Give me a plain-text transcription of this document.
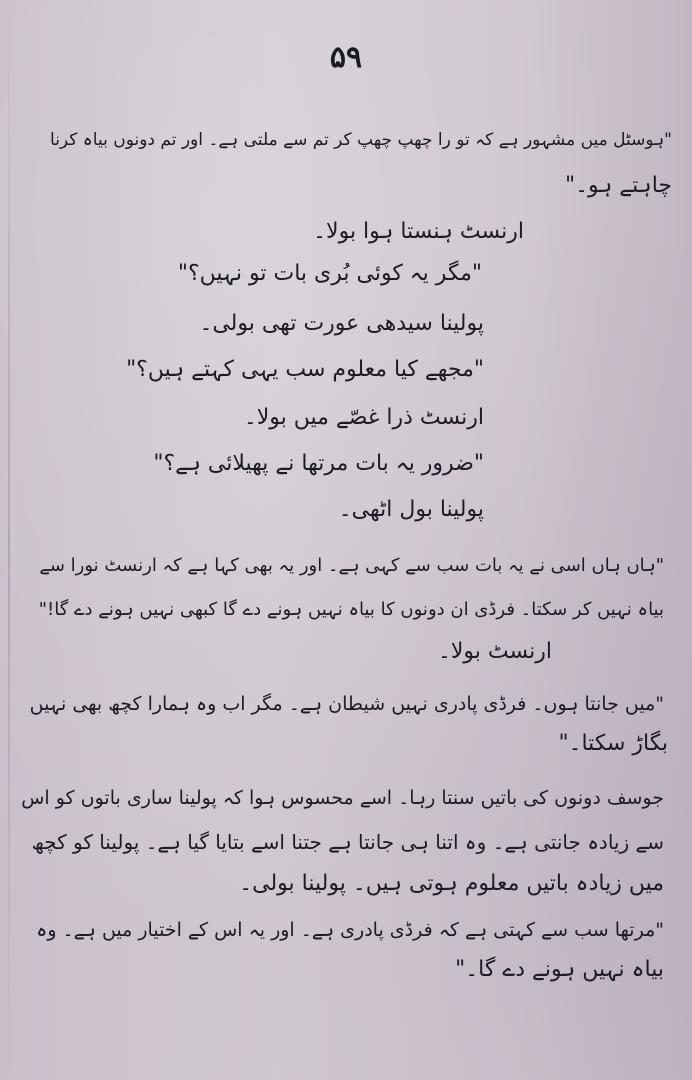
۵۹
"ہوسٹل میں مشہور ہے کہ تو را چھپ چھپ کر تم سے ملتی ہے۔ اور تم دونوں بیاہ کرنا
چاہتے ہو۔"
ارنسٹ ہنستا ہوا بولا۔
"مگر یہ کوئی بُری بات تو نہیں؟"
پولینا سیدھی عورت تھی بولی۔
"مجھے کیا معلوم سب یہی کہتے ہیں؟"
ارنسٹ ذرا غصّے میں بولا۔
"ضرور یہ بات مرتھا نے پھیلائی ہے؟"
پولینا بول اٹھی۔
"ہاں ہاں اسی نے یہ بات سب سے کہی ہے۔ اور یہ بھی کہا ہے کہ ارنسٹ نورا سے
بیاہ نہیں کر سکتا۔ فرڈی ان دونوں کا بیاہ نہیں ہونے دے گا کبھی نہیں ہونے دے گا!"
ارنسٹ بولا۔
"میں جانتا ہوں۔ فرڈی پادری نہیں شیطان ہے۔ مگر اب وہ ہمارا کچھ بھی نہیں
بگاڑ سکتا۔"
جوسف دونوں کی باتیں سنتا رہا۔ اسے محسوس ہوا کہ پولینا ساری باتوں کو اس
سے زیادہ جانتی ہے۔ وہ اتنا ہی جانتا ہے جتنا اسے بتایا گیا ہے۔ پولینا کو کچھ
میں زیادہ باتیں معلوم ہوتی ہیں۔ پولینا بولی۔
"مرتھا سب سے کہتی ہے کہ فرڈی پادری ہے۔ اور یہ اس کے اختیار میں ہے۔ وہ
بیاہ نہیں ہونے دے گا۔"
